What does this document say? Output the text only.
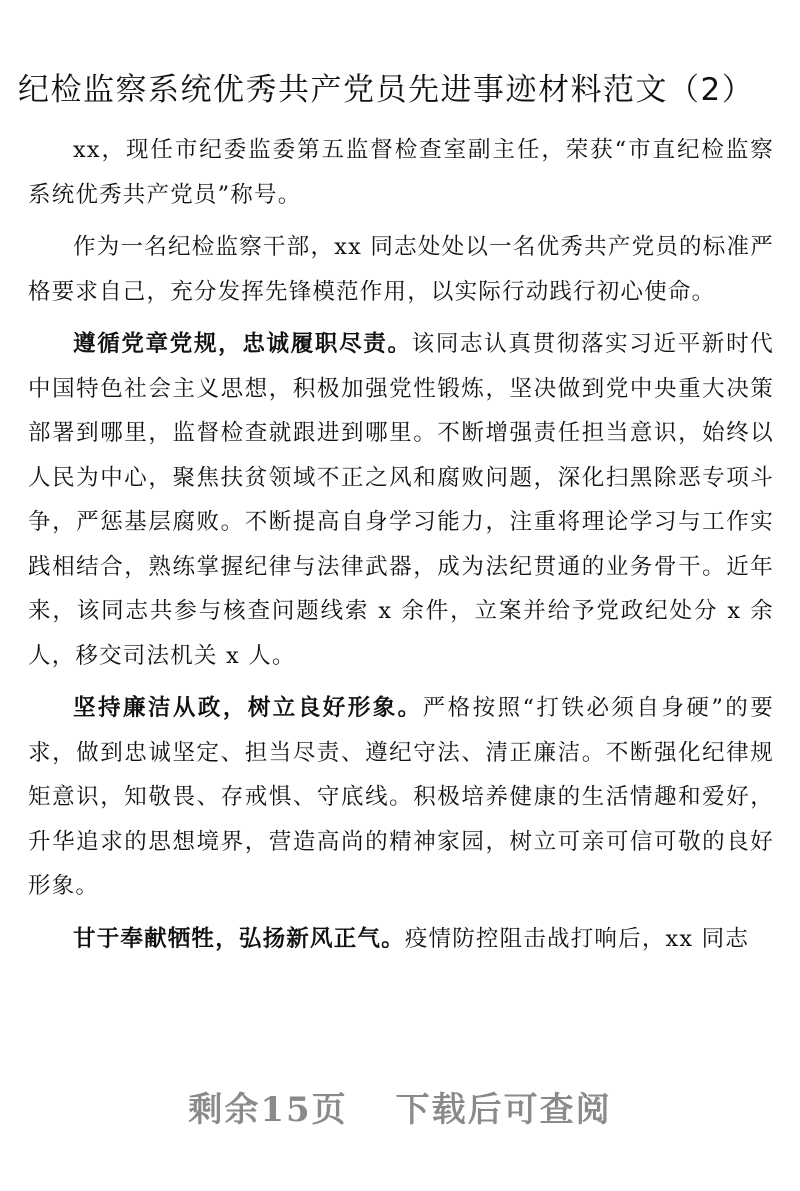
纪检监察系统优秀共产党员先进事迹材料范文（2）

xx，现任市纪委监委第五监督检查室副主任，荣获“市直纪检监察系统优秀共产党员”称号。

作为一名纪检监察干部，xx 同志处处以一名优秀共产党员的标准严格要求自己，充分发挥先锋模范作用，以实际行动践行初心使命。

遵循党章党规，忠诚履职尽责。该同志认真贯彻落实习近平新时代中国特色社会主义思想，积极加强党性锻炼，坚决做到党中央重大决策部署到哪里，监督检查就跟进到哪里。不断增强责任担当意识，始终以人民为中心，聚焦扶贫领域不正之风和腐败问题，深化扫黑除恶专项斗争，严惩基层腐败。不断提高自身学习能力，注重将理论学习与工作实践相结合，熟练掌握纪律与法律武器，成为法纪贯通的业务骨干。近年来，该同志共参与核查问题线索 x 余件，立案并给予党政纪处分 x 余人，移交司法机关 x 人。

坚持廉洁从政，树立良好形象。严格按照“打铁必须自身硬”的要求，做到忠诚坚定、担当尽责、遵纪守法、清正廉洁。不断强化纪律规矩意识，知敬畏、存戒惧、守底线。积极培养健康的生活情趣和爱好，升华追求的思想境界，营造高尚的精神家园，树立可亲可信可敬的良好形象。

甘于奉献牺牲，弘扬新风正气。疫情防控阻击战打响后，xx 同志

剩余15页 下载后可查阅
